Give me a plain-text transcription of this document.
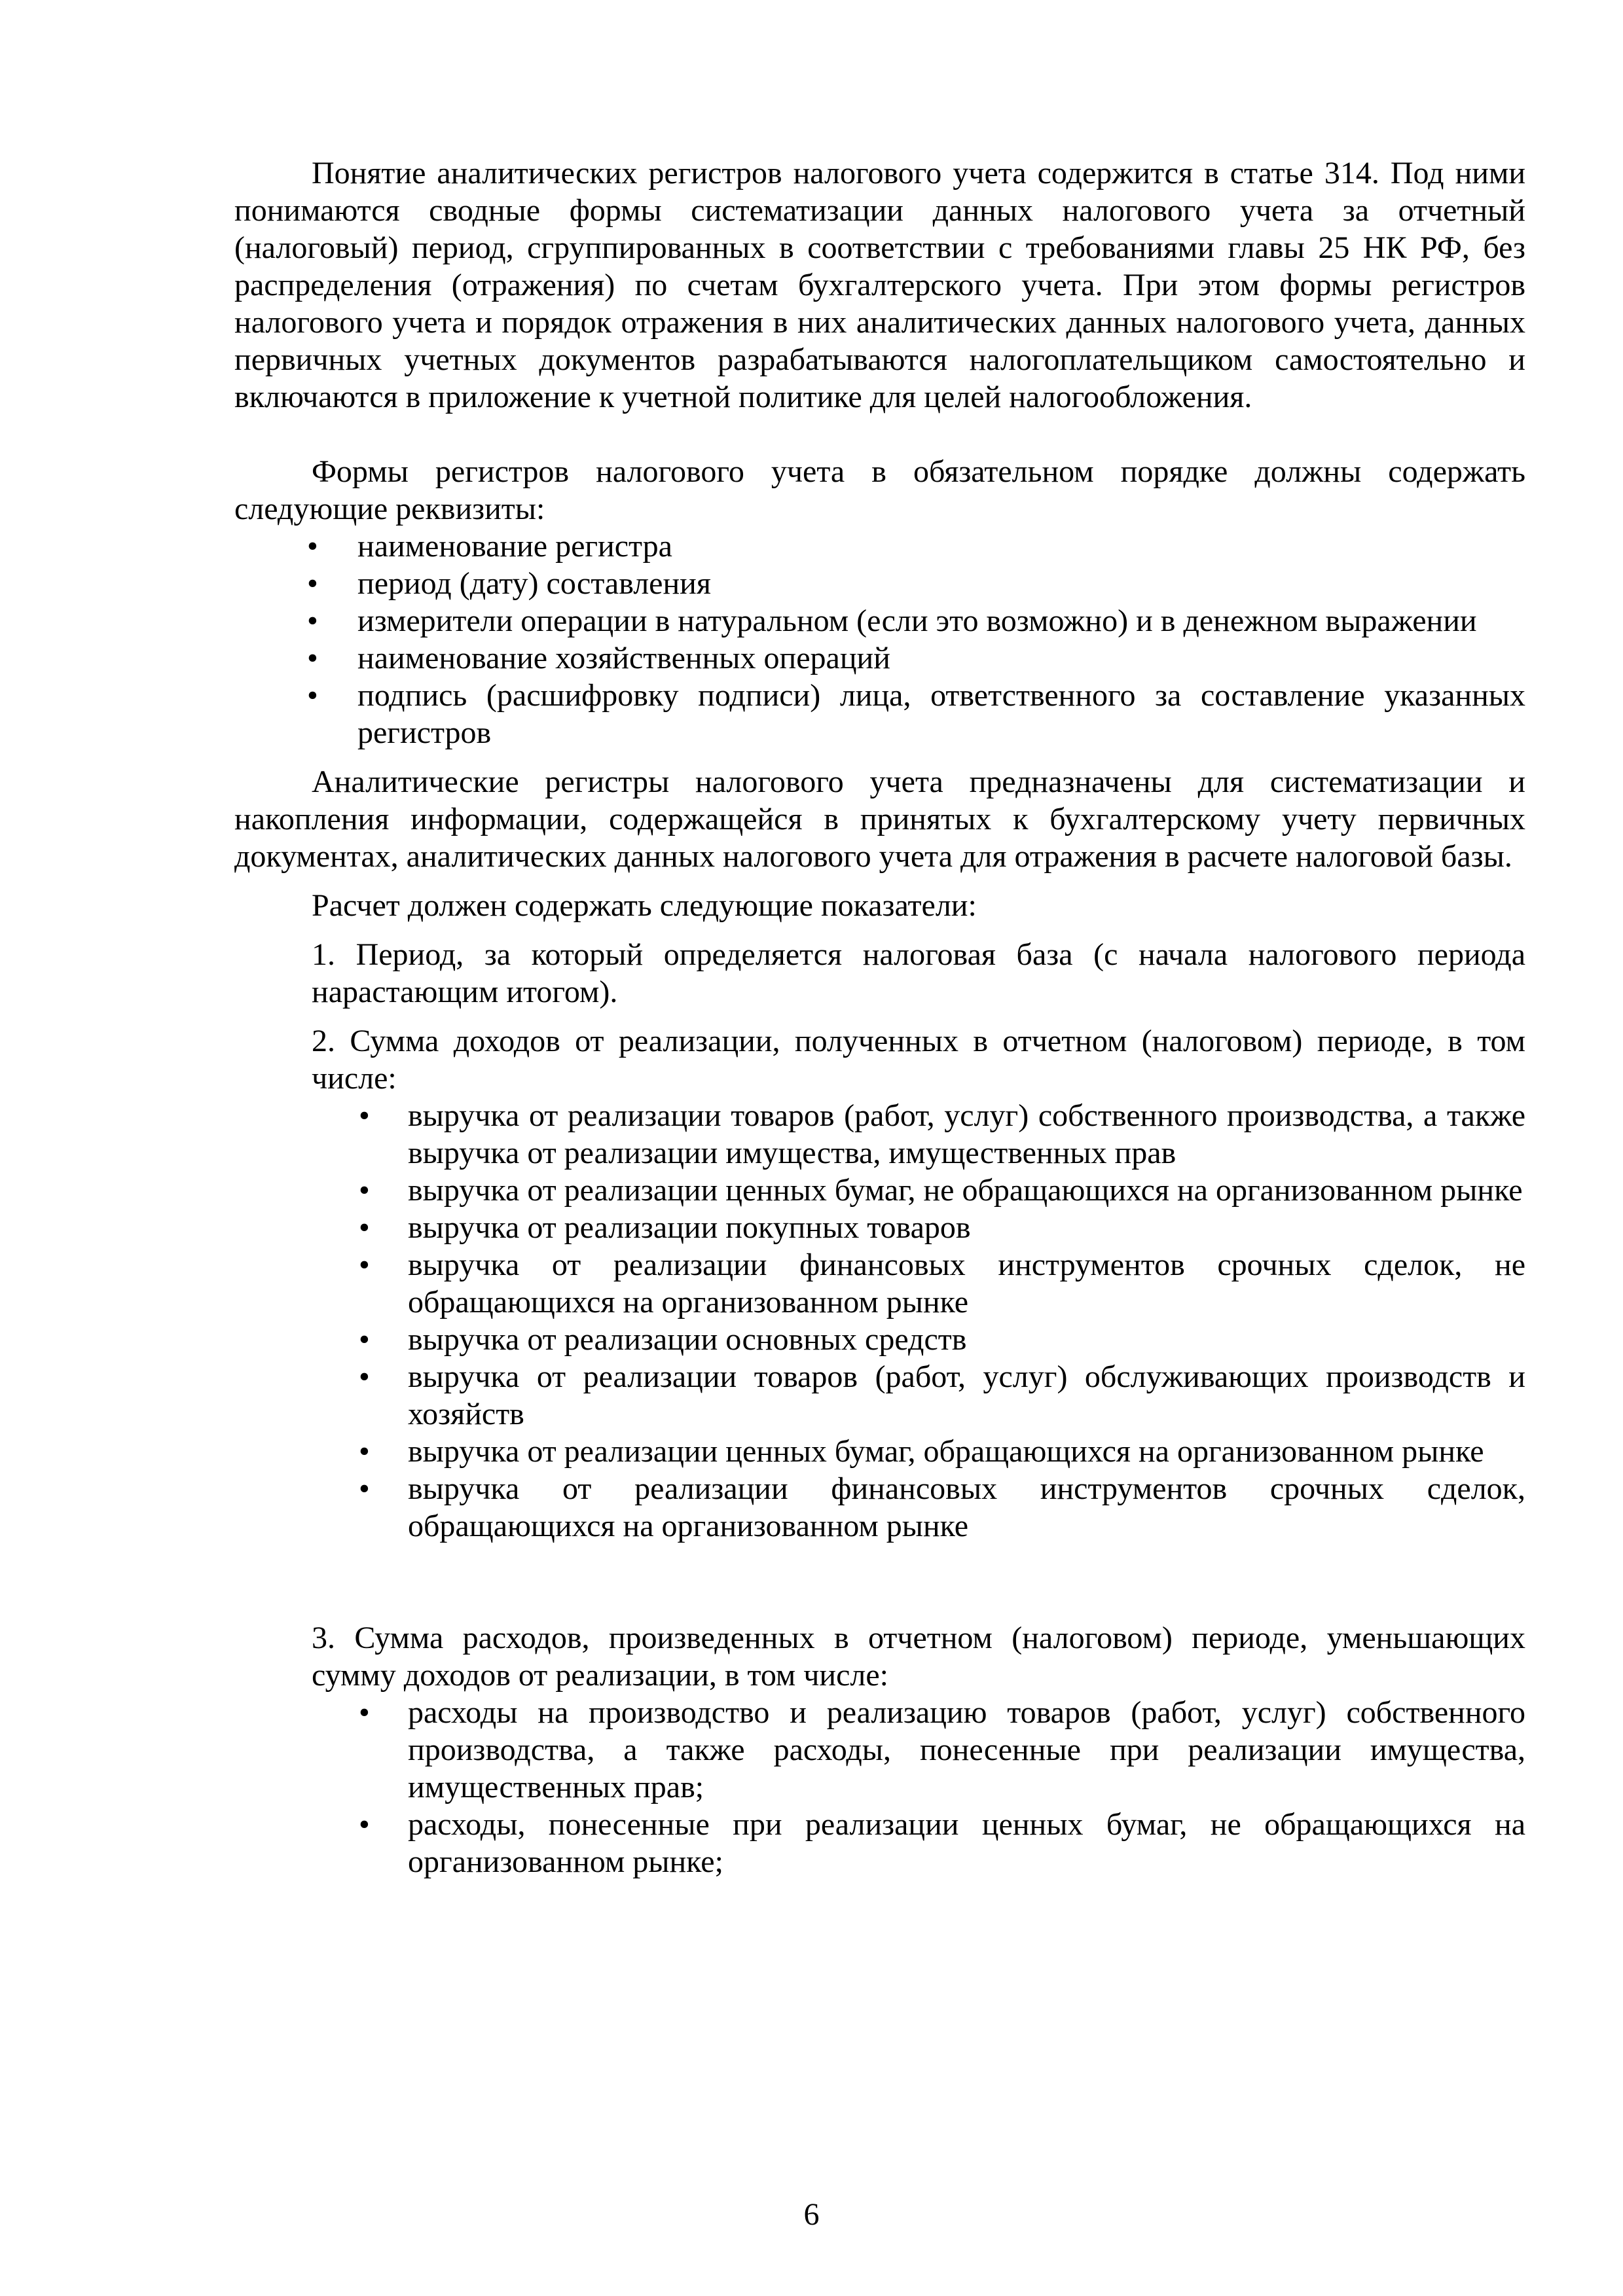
Понятие аналитических регистров налогового учета содержится в статье 314. Под ними понимаются сводные формы систематизации данных налогового учета за отчетный (налоговый) период, сгруппированных в соответствии с требованиями главы 25 НК РФ, без распределения (отражения) по счетам бухгалтерского учета. При этом формы регистров налогового учета и порядок отражения в них аналитических данных налогового учета, данных первичных учетных документов разрабатываются налогоплательщиком самостоятельно и включаются в приложение к учетной политике для целей налогообложения.

Формы регистров налогового учета в обязательном порядке должны содержать следующие реквизиты:

• наименование регистра
• период (дату) составления
• измерители операции в натуральном (если это возможно) и в денежном выражении
• наименование хозяйственных операций
• подпись (расшифровку подписи) лица, ответственного за составление указанных регистров

Аналитические регистры налогового учета предназначены для систематизации и накопления информации, содержащейся в принятых к бухгалтерскому учету первичных документах, аналитических данных налогового учета для отражения в расчете налоговой базы.

Расчет должен содержать следующие показатели:

1. Период, за который определяется налоговая база (с начала налогового периода нарастающим итогом).

2. Сумма доходов от реализации, полученных в отчетном (налоговом) периоде, в том числе:

• выручка от реализации товаров (работ, услуг) собственного производства, а также выручка от реализации имущества, имущественных прав
• выручка от реализации ценных бумаг, не обращающихся на организованном рынке
• выручка от реализации покупных товаров
• выручка от реализации финансовых инструментов срочных сделок, не обращающихся на организованном рынке
• выручка от реализации основных средств
• выручка от реализации товаров (работ, услуг) обслуживающих производств и хозяйств
• выручка от реализации ценных бумаг, обращающихся на организованном рынке
• выручка от реализации финансовых инструментов срочных сделок, обращающихся на организованном рынке

3. Сумма расходов, произведенных в отчетном (налоговом) периоде, уменьшающих сумму доходов от реализации, в том числе:

• расходы на производство и реализацию товаров (работ, услуг) собственного производства, а также расходы, понесенные при реализации имущества, имущественных прав;
• расходы, понесенные при реализации ценных бумаг, не обращающихся на организованном рынке;
6
